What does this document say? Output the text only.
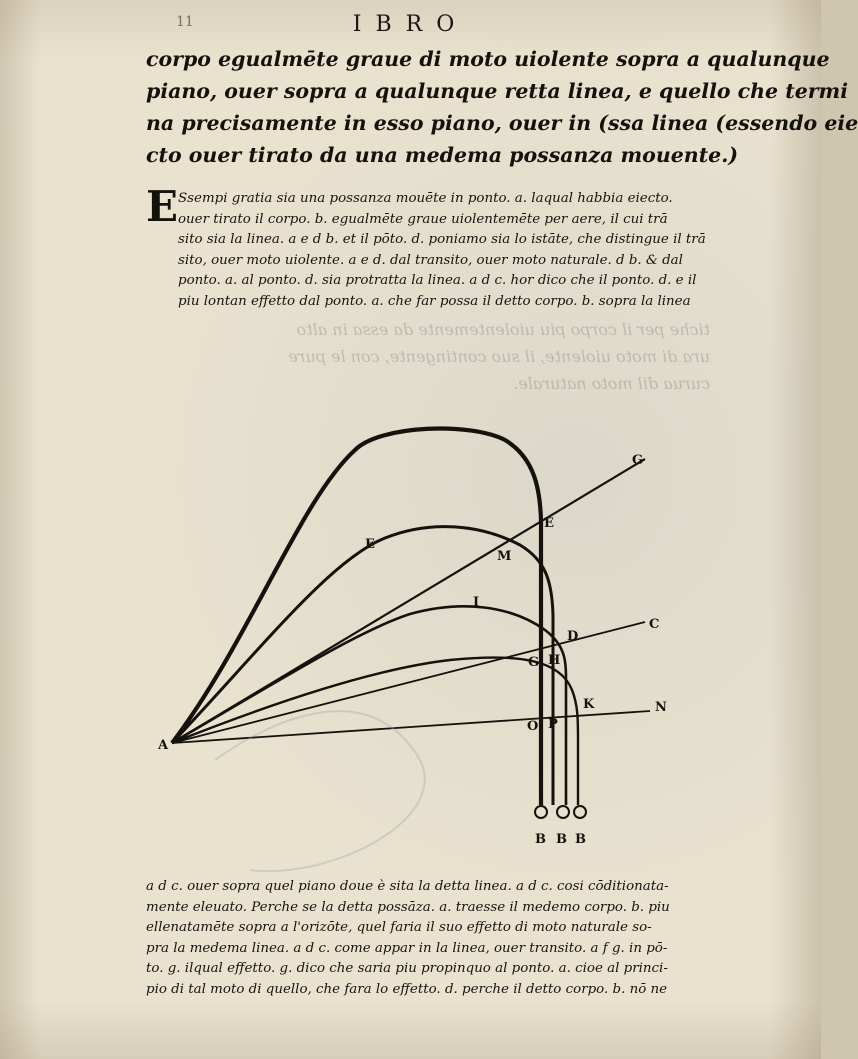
tiche per il corpo piu uiolentemente da essa in alto
ura di moto uiolente, il suo contingente, con le pure
curua dil moto naturale.
11	IBRO
corpo egualmēte graue di moto uiolente sopra a qualunque
piano, ouer sopra a qualunque retta linea, e quello che termi
na precisamente in esso piano, ouer in (ssa linea (essendo eie
cto ouer tirato da una medema possanza mouente.)
E Ssempi gratia sia una possanza mouēte in ponto. a. laqual habbia eiecto.
ouer tirato il corpo. b. egualmēte graue uiolentemēte per aere, il cui trā
sito sia la linea. a e d b. et il pōto. d. poniamo sia lo istāte, che distingue il trā
sito, ouer moto uiolente. a e d. dal transito, ouer moto naturale. d b. & dal
ponto. a. al ponto. d. sia protratta la linea. a d c. hor dico che il ponto. d. e il
piu lontan effetto dal ponto. a. che far possa il detto corpo. b. sopra la linea
A
E
E
M
I
D
G H
K	N
O P
C
G
B B B
a d c. ouer sopra quel piano doue è sita la detta linea. a d c. cosi cōditionata-
mente eleuato. Perche se la detta possāza. a. traesse il medemo corpo. b. piu
ellenatamēte sopra a l'orizōte, quel faria il suo effetto di moto naturale so-
pra la medema linea. a d c. come appar in la linea, ouer transito. a f g. in pō-
to. g. ilqual effetto. g. dico che saria piu propinquo al ponto. a. cioe al princi-
pio di tal moto di quello, che fara lo effetto. d. perche il detto corpo. b. nō ne
